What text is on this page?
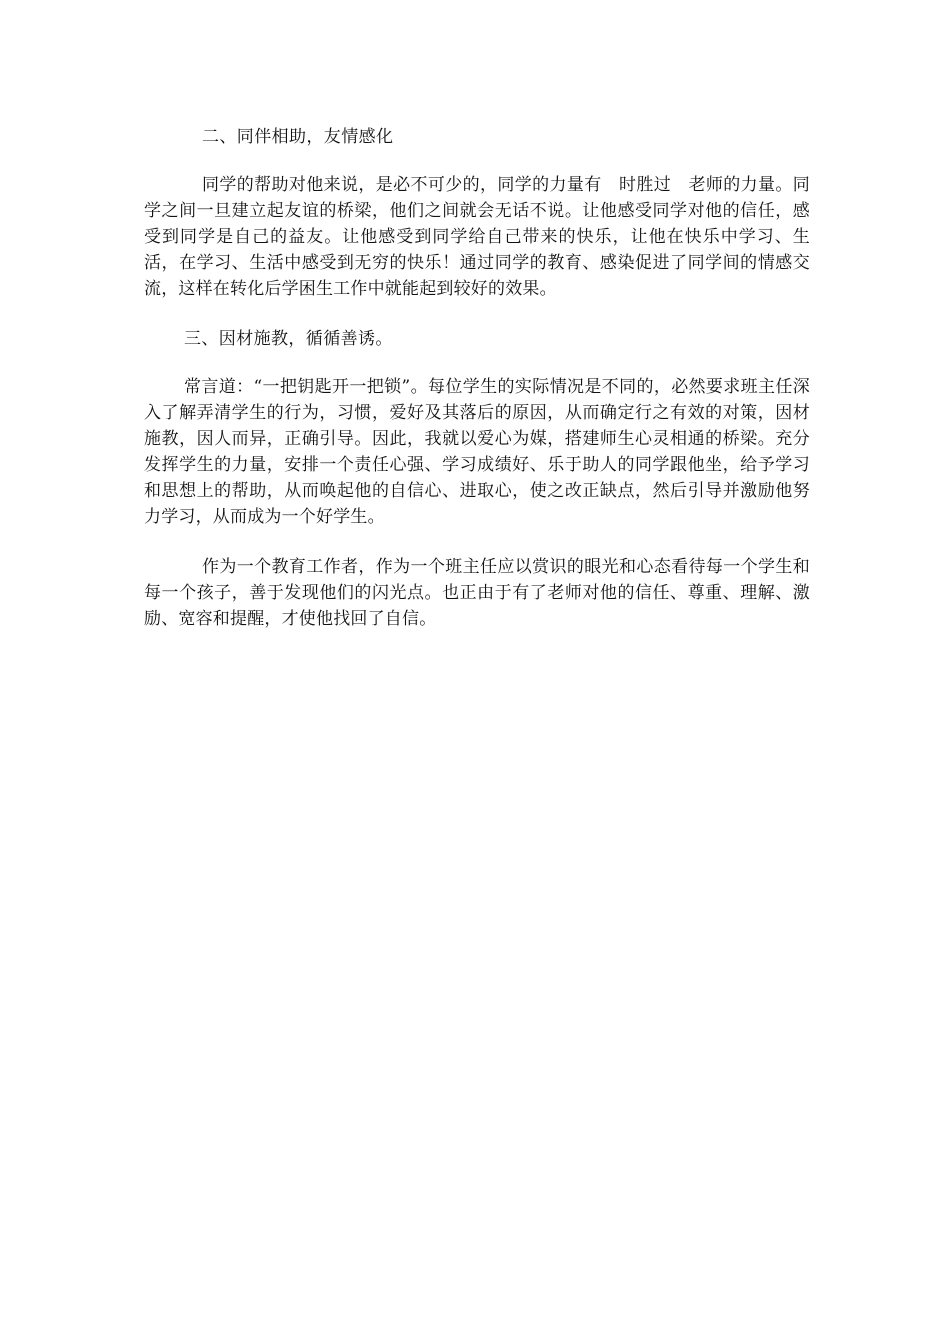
二、同伴相助，友情感化

同学的帮助对他来说，是必不可少的，同学的力量有　时胜过　老师的力量。同学之间一旦建立起友谊的桥梁，他们之间就会无话不说。让他感受同学对他的信任，感受到同学是自己的益友。让他感受到同学给自己带来的快乐，让他在快乐中学习、生活，在学习、生活中感受到无穷的快乐！通过同学的教育、感染促进了同学间的情感交流，这样在转化后学困生工作中就能起到较好的效果。

三、因材施教，循循善诱。

常言道：“一把钥匙开一把锁”。每位学生的实际情况是不同的，必然要求班主任深入了解弄清学生的行为，习惯，爱好及其落后的原因，从而确定行之有效的对策，因材施教，因人而异，正确引导。因此，我就以爱心为媒，搭建师生心灵相通的桥梁。充分发挥学生的力量，安排一个责任心强、学习成绩好、乐于助人的同学跟他坐，给予学习和思想上的帮助，从而唤起他的自信心、进取心，使之改正缺点，然后引导并激励他努力学习，从而成为一个好学生。

作为一个教育工作者，作为一个班主任应以赏识的眼光和心态看待每一个学生和每一个孩子，善于发现他们的闪光点。也正由于有了老师对他的信任、尊重、理解、激励、宽容和提醒，才使他找回了自信。
